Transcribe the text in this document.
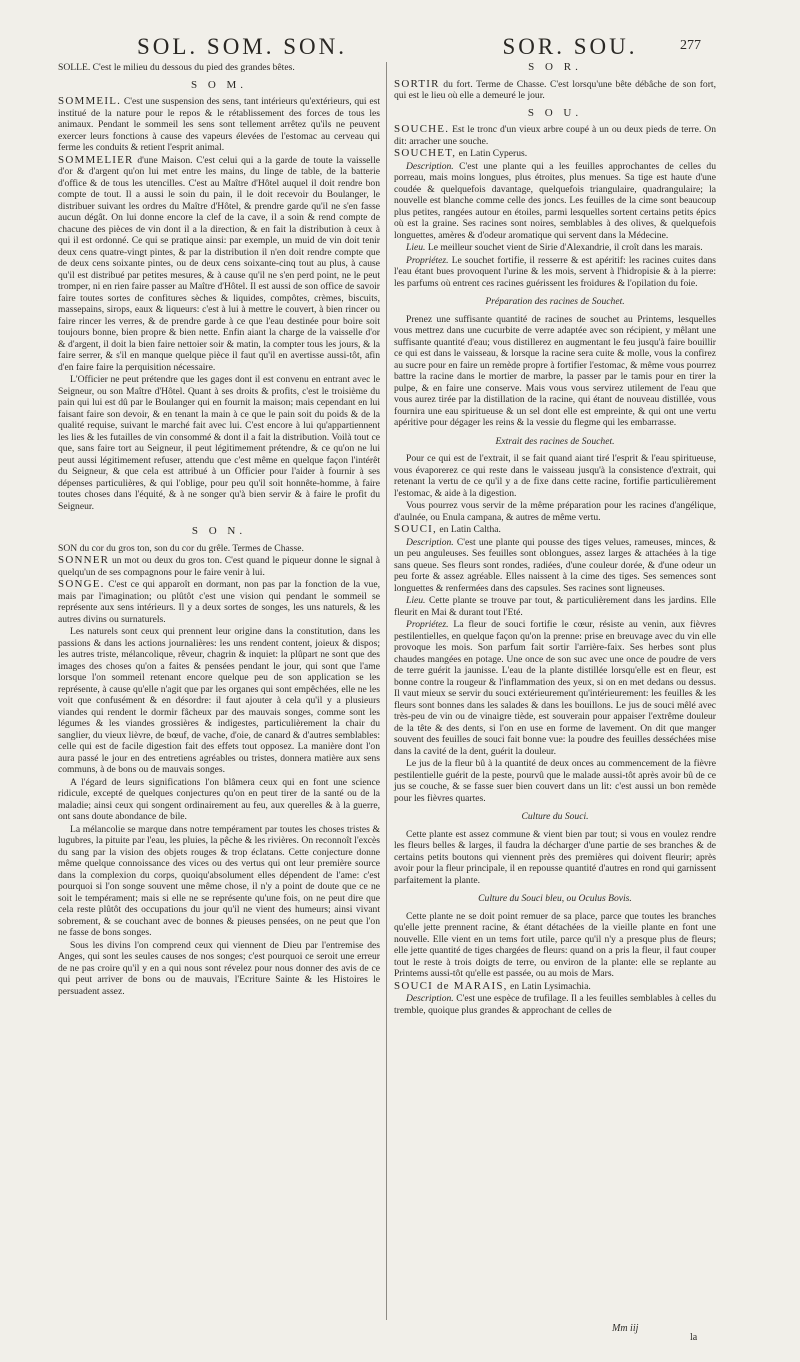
SOL. SOM. SON.	SOR. SOU.	277

SOLLE. C'est le milieu du dessous du pied des grandes bêtes.

S O M.

SOMMEIL. C'est une suspension des sens, tant intérieurs qu'extérieurs, qui est institué de la nature pour le repos & le rétablissement des forces de tous les animaux. Pendant le sommeil les sens sont tellement arrêtez qu'ils ne peuvent exercer leurs fonctions à cause des vapeurs élevées de l'estomac au cerveau qui ferme les conduits & retient l'esprit animal.

SOMMELIER d'une Maison. C'est celui qui a la garde de toute la vaisselle d'or & d'argent qu'on lui met entre les mains, du linge de table, de la batterie d'office & de tous les utencilles. C'est au Maître d'Hôtel auquel il doit rendre bon compte de tout. Il a aussi le soin du pain, il le doit recevoir du Boulanger, le distribuer suivant les ordres du Maître d'Hôtel, & prendre garde qu'il ne s'en fasse aucun dégât. On lui donne encore la clef de la cave, il a soin & rend compte de chacune des pièces de vin dont il a la direction, & en fait la distribution à ceux à qui il est ordonné. Ce qui se pratique ainsi: par exemple, un muid de vin doit tenir deux cens quatre-vingt pintes, & par la distribution il n'en doit rendre compte que de deux cens soixante pintes, ou de deux cens soixante-cinq tout au plus, à cause qu'il est distribué par petites mesures, & à cause qu'il ne s'en perd point, ne le peut tromper, ni en rien faire passer au Maître d'Hôtel. Il est aussi de son office de savoir faire toutes sortes de confitures sèches & liquides, compôtes, crèmes, biscuits, massepains, sirops, eaux & liqueurs: c'est à lui à mettre le couvert, à bien rincer ou faire rincer les verres, & de prendre garde à ce que l'eau destinée pour boire soit toujours bonne, bien propre & bien nette. Enfin aiant la charge de la vaisselle d'or & d'argent, il doit la bien faire nettoier soir & matin, la compter tous les jours, & la faire serrer, & s'il en manque quelque pièce il faut qu'il en avertisse aussi-tôt, afin d'en faire faire la perquisition nécessaire.

L'Officier ne peut prétendre que les gages dont il est convenu en entrant avec le Seigneur, ou son Maître d'Hôtel. Quant à ses droits & profits, c'est le troisième du pain qui lui est dû par le Boulanger qui en fournit la maison; mais cependant en lui faisant faire son devoir, & en tenant la main à ce que le pain soit du poids & de la qualité requise, suivant le marché fait avec lui. C'est encore à lui qu'appartiennent les lies & les futailles de vin consommé & dont il a fait la distribution. Voilà tout ce que, sans faire tort au Seigneur, il peut légitimement prétendre, & ce qu'on ne lui peut aussi légitimement refuser, attendu que c'est même en quelque façon l'intérêt du Seigneur, & que cela est attribué à un Officier pour l'aider à fournir à ses dépenses particulières, & qui l'oblige, pour peu qu'il soit honnête-homme, à faire toutes choses dans l'équité, & à ne songer qu'à bien servir & à faire le profit du Seigneur.

S O N.

SON du cor du gros ton, son du cor du grêle. Termes de Chasse.

SONNER un mot ou deux du gros ton. C'est quand le piqueur donne le signal à quelqu'un de ses compagnons pour le faire venir à lui.

SONGE. C'est ce qui apparoît en dormant, non pas par la fonction de la vue, mais par l'imagination; ou plûtôt c'est une vision qui pendant le sommeil se représente aux sens intérieurs. Il y a deux sortes de songes, les uns naturels, & les autres divins ou surnaturels.

Les naturels sont ceux qui prennent leur origine dans la constitution, dans les passions & dans les actions journalières: les uns rendent content, joieux & dispos; les autres triste, mélancolique, rêveur, chagrin & inquiet: la plûpart ne sont que des images des choses qu'on a faites & pensées pendant le jour, qui sont que l'ame lorsque l'on sommeil retenant encore quelque peu de son application se les représente, à cause qu'elle n'agit que par les organes qui sont empêchées, elle ne les voit que confusément & en désordre: il faut ajouter à cela qu'il y a plusieurs viandes qui rendent le dormir fâcheux par des mauvais songes, comme sont les légumes & les viandes grossières & indigestes, particulièrement la chair du sanglier, du vieux lièvre, de bœuf, de vache, d'oie, de canard & d'autres semblables: celle qui est de facile digestion fait des effets tout opposez. La manière dont l'on aura passé le jour en des entretiens agréables ou tristes, donnera matière aux sens communs, à de bons ou de mauvais songes.

A l'égard de leurs significations l'on blâmera ceux qui en font une science ridicule, excepté de quelques conjectures qu'on en peut tirer de la santé ou de la maladie; ainsi ceux qui songent ordinairement au feu, aux querelles & à la guerre, ont sans doute abondance de bile.

La mélancolie se marque dans notre tempérament par toutes les choses tristes & lugubres, la pituite par l'eau, les pluies, la pêche & les rivières. On reconnoît l'excès du sang par la vision des objets rouges & trop éclatans. Cette conjecture donne même quelque connoissance des vices ou des vertus qui ont leur première source dans la complexion du corps, quoiqu'absolument elles dépendent de l'ame: c'est pourquoi si l'on songe souvent une même chose, il n'y a point de doute que ce ne soit le tempérament; mais si elle ne se représente qu'une fois, on ne peut dire que cela reste plûtôt des occupations du jour qu'il ne vient des humeurs; ainsi vivant sobrement, & se couchant avec de bonnes & pieuses pensées, on ne peut que l'on ne fasse de bons songes.

Sous les divins l'on comprend ceux qui viennent de Dieu par l'entremise des Anges, qui sont les seules causes de nos songes; c'est pourquoi ce seroit une erreur de ne pas croire qu'il y en a qui nous sont révelez pour nous donner des avis de ce qui peut arriver de bons ou de mauvais, l'Ecriture Sainte & les Histoires le persuadent assez.

S O R.

SORTIR du fort. Terme de Chasse. C'est lorsqu'une bête débâche de son fort, qui est le lieu où elle a demeuré le jour.

S O U.

SOUCHE. Est le tronc d'un vieux arbre coupé à un ou deux pieds de terre. On dit: arracher une souche.

SOUCHET, en Latin Cyperus.

Description. C'est une plante qui a les feuilles approchantes de celles du porreau, mais moins longues, plus étroites, plus menues. Sa tige est haute d'une coudée & quelquefois davantage, quelquefois triangulaire, quadrangulaire; la nouvelle est blanche comme celle des joncs. Les feuilles de la cime sont beaucoup plus petites, rangées autour en étoiles, parmi lesquelles sortent certains petits épics où est la graine. Ses racines sont noires, semblables à des olives, & quelquefois longuettes, amères & d'odeur aromatique qui servent dans la Médecine.

Lieu. Le meilleur souchet vient de Sirie d'Alexandrie, il croît dans les marais.

Propriétez. Le souchet fortifie, il resserre & est apéritif: les racines cuites dans l'eau étant bues provoquent l'urine & les mois, servent à l'hidropisie & à la pierre: les parfums où entrent ces racines guérissent les froidures & l'opilation du foie.

Préparation des racines de Souchet.

Prenez une suffisante quantité de racines de souchet au Printems, lesquelles vous mettrez dans une cucurbite de verre adaptée avec son récipient, y mêlant une suffisante quantité d'eau; vous distillerez en augmentant le feu jusqu'à faire bouillir ce qui est dans le vaisseau, & lorsque la racine sera cuite & molle, vous la confirez au sucre pour en faire un remède propre à fortifier l'estomac, & même vous pourrez battre la racine dans le mortier de marbre, la passer par le tamis pour en tirer la pulpe, & en faire une conserve. Mais vous vous servirez utilement de l'eau que vous aurez tirée par la distillation de la racine, qui étant de nouveau distillée, vous fournira une eau spiritueuse & un sel dont elle est empreinte, & qui ont une vertu apéritive pour dégager les reins & la vessie du flegme qui les embarrasse.

Extrait des racines de Souchet.

Pour ce qui est de l'extrait, il se fait quand aiant tiré l'esprit & l'eau spiritueuse, vous évaporerez ce qui reste dans le vaisseau jusqu'à la consistence d'extrait, qui retenant la vertu de ce qu'il y a de fixe dans cette racine, fortifie particulièrement l'estomac, & aide à la digestion.

Vous pourrez vous servir de la même préparation pour les racines d'angélique, d'aulnée, ou Enula campana, & autres de même vertu.

SOUCI, en Latin Caltha.

Description. C'est une plante qui pousse des tiges velues, rameuses, minces, & un peu anguleuses. Ses feuilles sont oblongues, assez larges & attachées à la tige sans queue. Ses fleurs sont rondes, radiées, d'une couleur dorée, & d'une odeur un peu forte & assez agréable. Elles naissent à la cime des tiges. Ses semences sont longuettes & renfermées dans des capsules. Ses racines sont ligneuses.

Lieu. Cette plante se trouve par tout, & particulièrement dans les jardins. Elle fleurit en Mai & durant tout l'Eté.

Propriétez. La fleur de souci fortifie le cœur, résiste au venin, aux fièvres pestilentielles, en quelque façon qu'on la prenne: prise en breuvage avec du vin elle provoque les mois. Son parfum fait sortir l'arrière-faix. Ses herbes sont plus chaudes mangées en potage. Une once de son suc avec une once de poudre de vers de terre guérit la jaunisse. L'eau de la plante distillée lorsqu'elle est en fleur, est bonne contre la rougeur & l'inflammation des yeux, si on en met dedans ou dessus. Il vaut mieux se servir du souci extérieurement qu'intérieurement: les feuilles & les fleurs sont bonnes dans les salades & dans les bouillons. Le jus de souci mêlé avec très-peu de vin ou de vinaigre tiède, est souverain pour appaiser l'extrême douleur de la tête & des dents, si l'on en use en forme de lavement. On dit que manger souvent des feuilles de souci fait bonne vue: la poudre des feuilles desséchées mise dans la cavité de la dent, guérit la douleur.

Le jus de la fleur bû à la quantité de deux onces au commencement de la fièvre pestilentielle guérit de la peste, pourvû que le malade aussi-tôt après avoir bû de ce jus se couche, & se fasse suer bien couvert dans un lit: c'est aussi un bon remède pour les fièvres quartes.

Culture du Souci.

Cette plante est assez commune & vient bien par tout; si vous en voulez rendre les fleurs belles & larges, il faudra la décharger d'une partie de ses branches & de certains petits boutons qui viennent près des premières qui doivent fleurir; après avoir pour la fleur principale, il en repousse quantité d'autres en rond qui garnissent parfaitement la plante.

Culture du Souci bleu, ou Oculus Bovis.

Cette plante ne se doit point remuer de sa place, parce que toutes les branches qu'elle jette prennent racine, & étant détachées de la vieille plante en font une nouvelle. Elle vient en un tems fort utile, parce qu'il n'y a presque plus de fleurs; elle jette quantité de tiges chargées de fleurs: quand on a pris la fleur, il faut couper tout le reste à trois doigts de terre, ou environ de la plante: elle se replante au Printems aussi-tôt qu'elle est passée, ou au mois de Mars.

SOUCI de MARAIS, en Latin Lysimachia.

Description. C'est une espèce de trufilage. Il a les feuilles semblables à celles du tremble, quoique plus grandes & approchant de celles de

Mm iij
la
